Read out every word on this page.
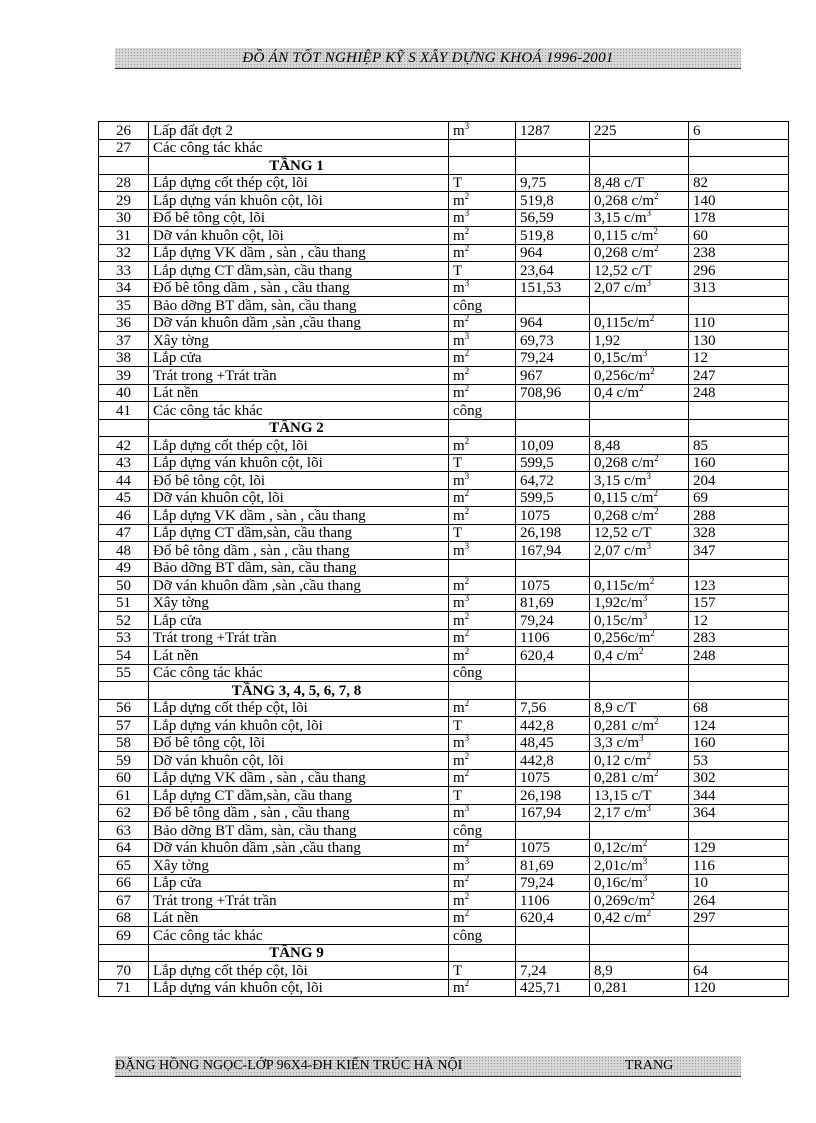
ĐỒ ÁN TỐT NGHIỆP KỸ S XÂY DỰNG KHOÁ 1996-2001
26	Lấp đất đợt 2	$m^3$	1287	225	6
27	Các công tác khác				
	TẦNG 1				
28	Lắp dựng cốt thép cột, lõi	T	9,75	8,48 c/T	82
29	Lắp dựng ván khuôn cột, lõi	$m^2$	519,8	0,268 $c/m^2$	140
30	Đổ bê tông cột, lõi	$m^3$	56,59	3,15 $c/m^3$	178
31	Dỡ ván khuôn cột, lõi	$m^2$	519,8	0,115 $c/m^2$	60
32	Lắp dựng VK dầm , sàn , cầu thang	$m^2$	964	0,268 $c/m^2$	238
33	Lắp dựng CT dầm,sàn, cầu thang	T	23,64	12,52 c/T	296
34	Đổ bê tông dầm , sàn , cầu thang	$m^3$	151,53	2,07 $c/m^3$	313
35	Bảo dỡng BT dầm, sàn, cầu thang	công			
36	Dỡ ván khuôn dầm ,sàn ,cầu thang	$m^2$	964	$0,115c/m^2$	110
37	Xây tờng	$m^3$	69,73	1,92	130
38	Lắp cửa	$m^2$	79,24	$0,15c/m^3$	12
39	Trát trong +Trát trần	$m^2$	967	$0,256c/m^2$	247
40	Lát nền	$m^2$	708,96	0,4 $c/m^2$	248
41	Các công tác khác	công			
	TẦNG 2				
42	Lắp dựng cốt thép cột, lõi	$m^2$	10,09	8,48	85
43	Lắp dựng ván khuôn cột, lõi	T	599,5	0,268 $c/m^2$	160
44	Đổ bê tông cột, lõi	$m^3$	64,72	3,15 $c/m^3$	204
45	Dỡ ván khuôn cột, lõi	$m^2$	599,5	0,115 $c/m^2$	69
46	Lắp dựng VK dầm , sàn , cầu thang	$m^2$	1075	0,268 $c/m^2$	288
47	Lắp dựng CT dầm,sàn, cầu thang	T	26,198	12,52 c/T	328
48	Đổ bê tông dầm , sàn , cầu thang	$m^3$	167,94	2,07 $c/m^3$	347
49	Bảo dỡng BT dầm, sàn, cầu thang				
50	Dỡ ván khuôn dầm ,sàn ,cầu thang	$m^2$	1075	$0,115c/m^2$	123
51	Xây tờng	$m^3$	81,69	$1,92c/m^3$	157
52	Lắp cửa	$m^2$	79,24	$0,15c/m^3$	12
53	Trát trong +Trát trần	$m^2$	1106	$0,256c/m^2$	283
54	Lát nền	$m^2$	620,4	0,4 $c/m^2$	248
55	Các công tác khác	công			
	TẦNG 3, 4, 5, 6, 7, 8				
56	Lắp dựng cốt thép cột, lõi	$m^2$	7,56	8,9 c/T	68
57	Lắp dựng ván khuôn cột, lõi	T	442,8	0,281 $c/m^2$	124
58	Đổ bê tông cột, lõi	$m^3$	48,45	3,3 $c/m^3$	160
59	Dỡ ván khuôn cột, lõi	$m^2$	442,8	0,12 $c/m^2$	53
60	Lắp dựng VK dầm , sàn , cầu thang	$m^2$	1075	0,281 $c/m^2$	302
61	Lắp dựng CT dầm,sàn, cầu thang	T	26,198	13,15 c/T	344
62	Đổ bê tông dầm , sàn , cầu thang	$m^3$	167,94	2,17 $c/m^3$	364
63	Bảo dỡng BT dầm, sàn, cầu thang	công			
64	Dỡ ván khuôn dầm ,sàn ,cầu thang	$m^2$	1075	$0,12c/m^2$	129
65	Xây tờng	$m^3$	81,69	$2,01c/m^3$	116
66	Lắp cửa	$m^2$	79,24	$0,16c/m^3$	10
67	Trát trong +Trát trần	$m^2$	1106	$0,269c/m^2$	264
68	Lát nền	$m^2$	620,4	0,42 $c/m^2$	297
69	Các công tác khác	công			
	TẦNG 9				
70	Lắp dựng cốt thép cột, lõi	T	7,24	8,9	64
71	Lắp dựng ván khuôn cột, lõi	$m^2$	425,71	0,281	120
ĐẶNG HỒNG NGỌC-LỚP 96X4-ĐH KIẾN TRÚC HÀ NỘI	TRANG
